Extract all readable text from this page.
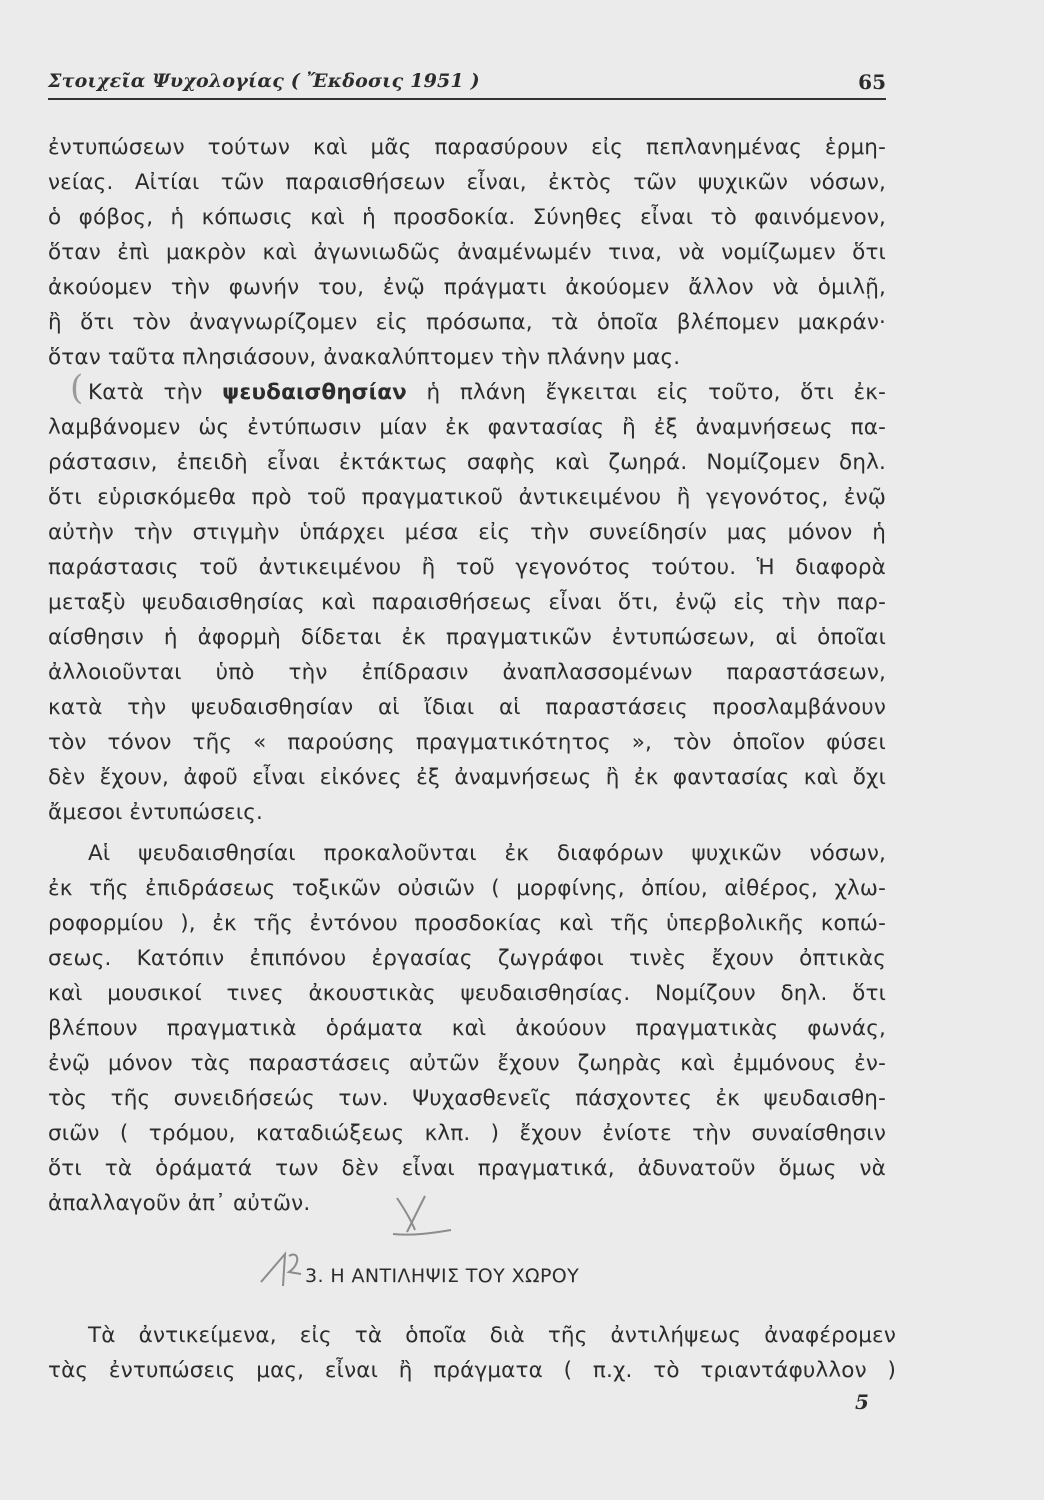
Στοιχεῖα Ψυχολογίας ( Ἔκδοσις 1951 )	65
ἐντυπώσεων τούτων καὶ μᾶς παρασύρουν εἰς πεπλανημένας ἑρμη-
νείας. Αἰτίαι τῶν παραισθήσεων εἶναι, ἐκτὸς τῶν ψυχικῶν νόσων,
ὁ φόβος, ἡ κόπωσις καὶ ἡ προσδοκία. Σύνηθες εἶναι τὸ φαινόμενον,
ὅταν ἐπὶ μακρὸν καὶ ἀγωνιωδῶς ἀναμένωμέν τινα, νὰ νομίζωμεν ὅτι
ἀκούομεν τὴν φωνήν του, ἐνῷ πράγματι ἀκούομεν ἄλλον νὰ ὁμιλῇ,
ἢ ὅτι τὸν ἀναγνωρίζομεν εἰς πρόσωπα, τὰ ὁποῖα βλέπομεν μακράν·
ὅταν ταῦτα πλησιάσουν, ἀνακαλύπτομεν τὴν πλάνην μας.
( Κατὰ τὴν ψευδαισθησίαν ἡ πλάνη ἔγκειται εἰς τοῦτο, ὅτι ἐκ-
λαμβάνομεν ὡς ἐντύπωσιν μίαν ἐκ φαντασίας ἢ ἐξ ἀναμνήσεως πα-
ράστασιν, ἐπειδὴ εἶναι ἐκτάκτως σαφὴς καὶ ζωηρά. Νομίζομεν δηλ.
ὅτι εὑρισκόμεθα πρὸ τοῦ πραγματικοῦ ἀντικειμένου ἢ γεγονότος, ἐνῷ
αὐτὴν τὴν στιγμὴν ὑπάρχει μέσα εἰς τὴν συνείδησίν μας μόνον ἡ
παράστασις τοῦ ἀντικειμένου ἢ τοῦ γεγονότος τούτου. Ἡ διαφορὰ
μεταξὺ ψευδαισθησίας καὶ παραισθήσεως εἶναι ὅτι, ἐνῷ εἰς τὴν παρ-
αίσθησιν ἡ ἀφορμὴ δίδεται ἐκ πραγματικῶν ἐντυπώσεων, αἱ ὁποῖαι
ἀλλοιοῦνται ὑπὸ τὴν ἐπίδρασιν ἀναπλασσομένων παραστάσεων,
κατὰ τὴν ψευδαισθησίαν αἱ ἴδιαι αἱ παραστάσεις προσλαμβάνουν
τὸν τόνον τῆς « παρούσης πραγματικότητος », τὸν ὁποῖον φύσει
δὲν ἔχουν, ἀφοῦ εἶναι εἰκόνες ἐξ ἀναμνήσεως ἢ ἐκ φαντασίας καὶ ὄχι
ἄμεσοι ἐντυπώσεις.
Αἱ ψευδαισθησίαι προκαλοῦνται ἐκ διαφόρων ψυχικῶν νόσων,
ἐκ τῆς ἐπιδράσεως τοξικῶν οὐσιῶν ( μορφίνης, ὀπίου, αἰθέρος, χλω-
ροφορμίου ), ἐκ τῆς ἐντόνου προσδοκίας καὶ τῆς ὑπερβολικῆς κοπώ-
σεως. Κατόπιν ἐπιπόνου ἐργασίας ζωγράφοι τινὲς ἔχουν ὀπτικὰς
καὶ μουσικοί τινες ἀκουστικὰς ψευδαισθησίας. Νομίζουν δηλ. ὅτι
βλέπουν πραγματικὰ ὁράματα καὶ ἀκούουν πραγματικὰς φωνάς,
ἐνῷ μόνον τὰς παραστάσεις αὐτῶν ἔχουν ζωηρὰς καὶ ἐμμόνους ἐν-
τὸς τῆς συνειδήσεώς των. Ψυχασθενεῖς πάσχοντες ἐκ ψευδαισθη-
σιῶν ( τρόμου, καταδιώξεως κλπ. ) ἔχουν ἐνίοτε τὴν συναίσθησιν
ὅτι τὰ ὁράματά των δὲν εἶναι πραγματικά, ἀδυνατοῦν ὅμως νὰ
ἀπαλλαγοῦν ἀπ᾽ αὐτῶν.
3. Η ΑΝΤΙΛΗΨΙΣ ΤΟΥ ΧΩΡΟΥ
Τὰ ἀντικείμενα, εἰς τὰ ὁποῖα διὰ τῆς ἀντιλήψεως ἀναφέρομεν
τὰς ἐντυπώσεις μας, εἶναι ἢ πράγματα ( π.χ. τὸ τριαντάφυλλον )
5
